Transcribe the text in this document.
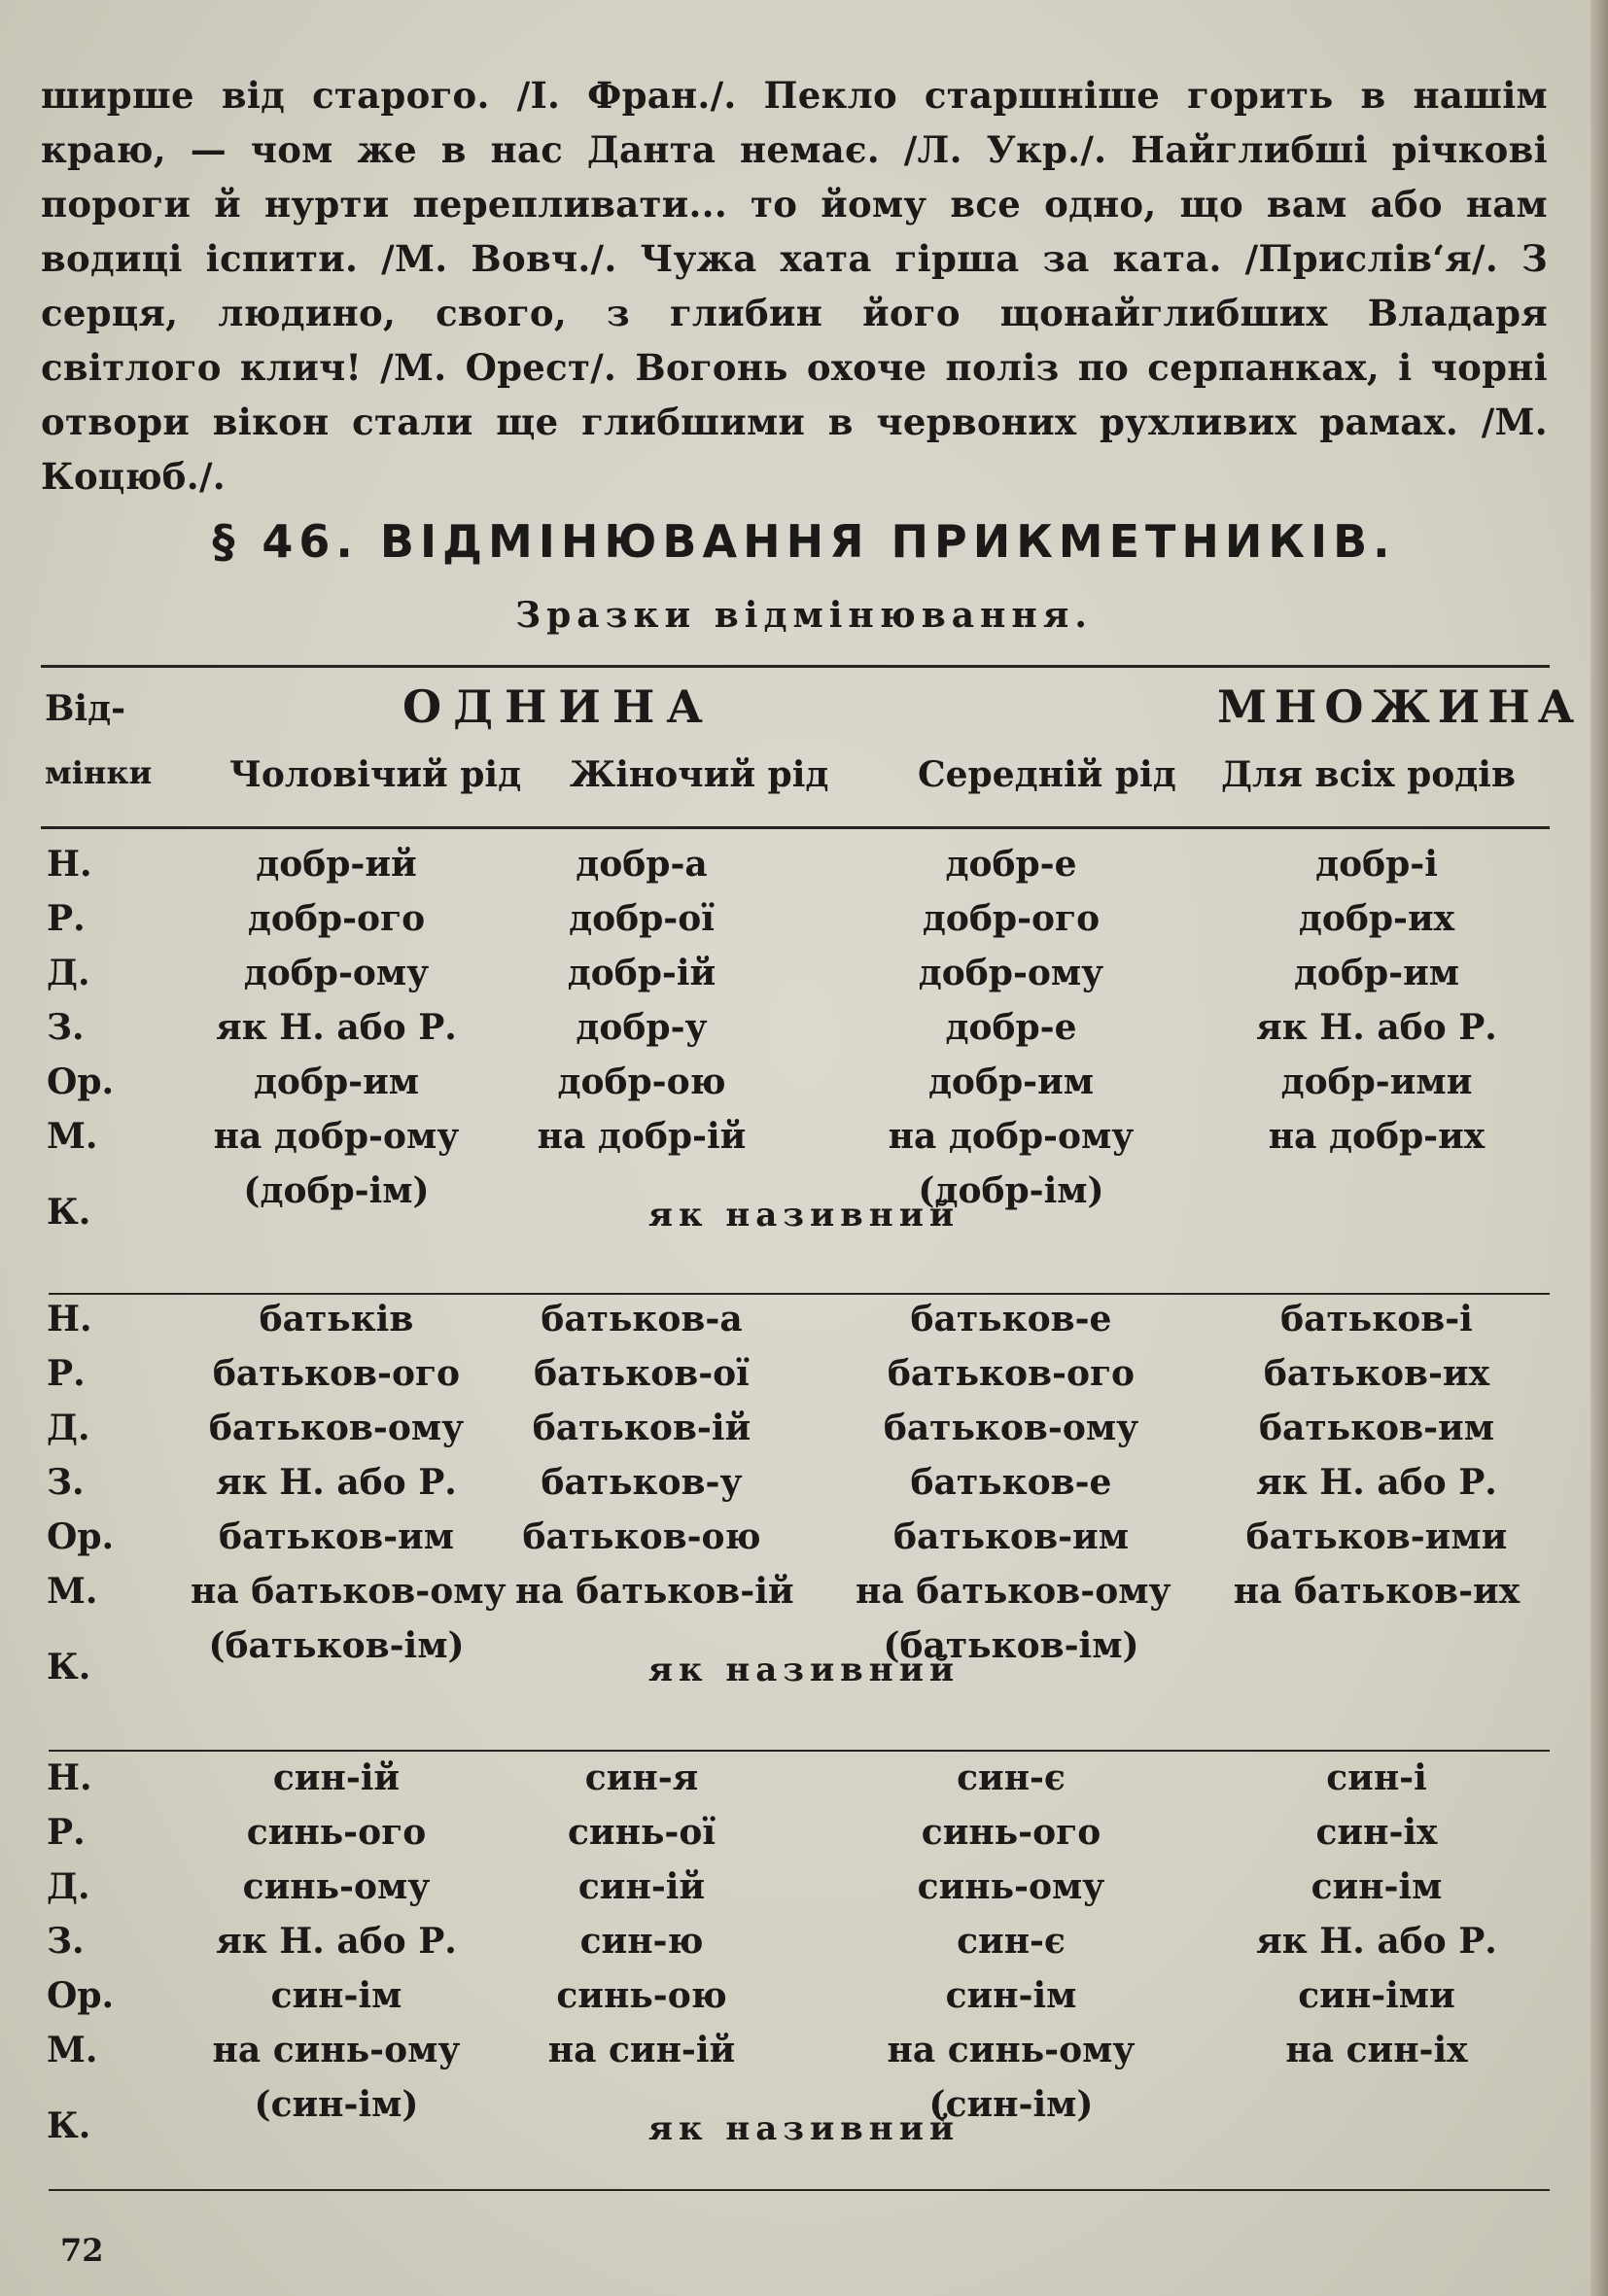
ширше від старого. /І. Фран./. Пекло старшніше горить в нашім краю, — чом же в нас Данта немає. /Л. Укр./. Найглибші річкові пороги й нурти перепливати... то йому все одно, що вам або нам водиці іспити. /М. Вовч./. Чужа хата гірша за ката. /Прислів‘я/. З серця, людино, свого, з глибин його щонайглибших Владаря світлого клич! /М. Орест/. Вогонь охоче поліз по серпанках, і чорні отвори вікон стали ще глибшими в червоних рухливих рамах. /М. Коцюб./.
§ 46. ВІДМІНЮВАННЯ ПРИКМЕТНИКІВ.
Зразки відмінювання.
Від-
мінки
ОДНИНА	МНОЖИНА
Чоловічий рід Жіночий рід	Середній рід Для всіх родів
Н.
Р.
Д.
З.
Ор.
М.
К.
добр-ий
добр-ого
добр-ому
як Н. або Р.
добр-им
на добр-ому
(добр-ім)
добр-а
добр-ої
добр-ій
добр-у
добр-ою
на добр-ій
добр-е
добр-ого
добр-ому
добр-е
добр-им
на добр-ому
(добр-ім)
добр-і
добр-их
добр-им
як Н. або Р.
добр-ими
на добр-их
як називний
Н.
Р.
Д.
З.
Ор.
М.
К.
батьків
батьков-ого
батьков-ому
як Н. або Р.
батьков-им
на батьков-ому
(батьков-ім)
батьков-а
батьков-ої
батьков-ій
батьков-у
батьков-ою
на батьков-ій
батьков-е
батьков-ого
батьков-ому
батьков-е
батьков-им
на батьков-ому
(батьков-ім)
батьков-і
батьков-их
батьков-им
як Н. або Р.
батьков-ими
на батьков-их
як називний
Н.
Р.
Д.
З.
Ор.
М.
К.
син-ій
синь-ого
синь-ому
як Н. або Р.
син-ім
на синь-ому
(син-ім)
син-я
синь-ої
син-ій
син-ю
синь-ою
на син-ій
син-є
синь-ого
синь-ому
син-є
син-ім
на синь-ому
(син-ім)
син-і
син-іх
син-ім
як Н. або Р.
син-іми
на син-іх
як називний
72
